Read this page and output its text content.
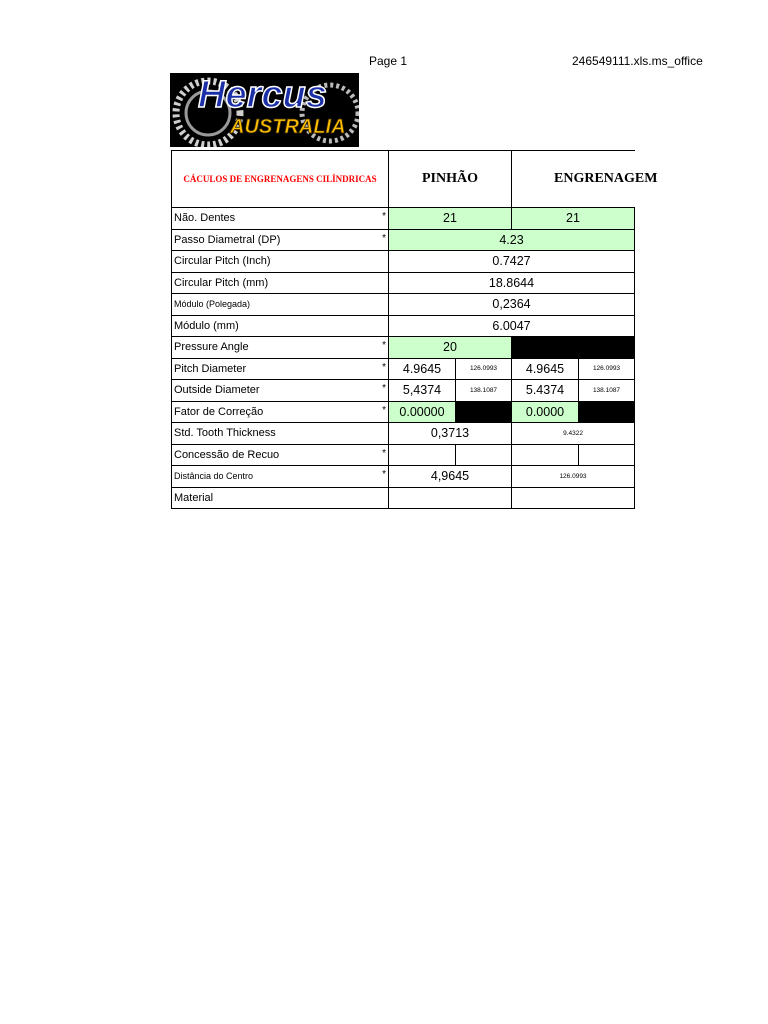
Page 1	246549111.xls.ms_office
Hercus
AUSTRALIA
CÁCULOS DE ENGRENAGENS CILÍNDRICAS	PINHÃO		ENGRENAGEM	
Não. Dentes *	21		21	
Passo Diametral (DP) *	4.23			
Circular Pitch (Inch)	0.7427			
Circular Pitch (mm)	18.8644			
Módulo (Polegada)	0,2364			
Módulo (mm)	6.0047			
Pressure Angle *	20			
Pitch Diameter *	4.9645	126.0993	4.9645	126.0993
Outside Diameter *	5,4374	138.1087	5.4374	138.1087
Fator de Correção *	0.00000		0.0000	
Std. Tooth Thickness	0,3713		9.4322	
Concessão de Recuo *				

Distância do Centro *	4,9645		126.0993	
Material				
